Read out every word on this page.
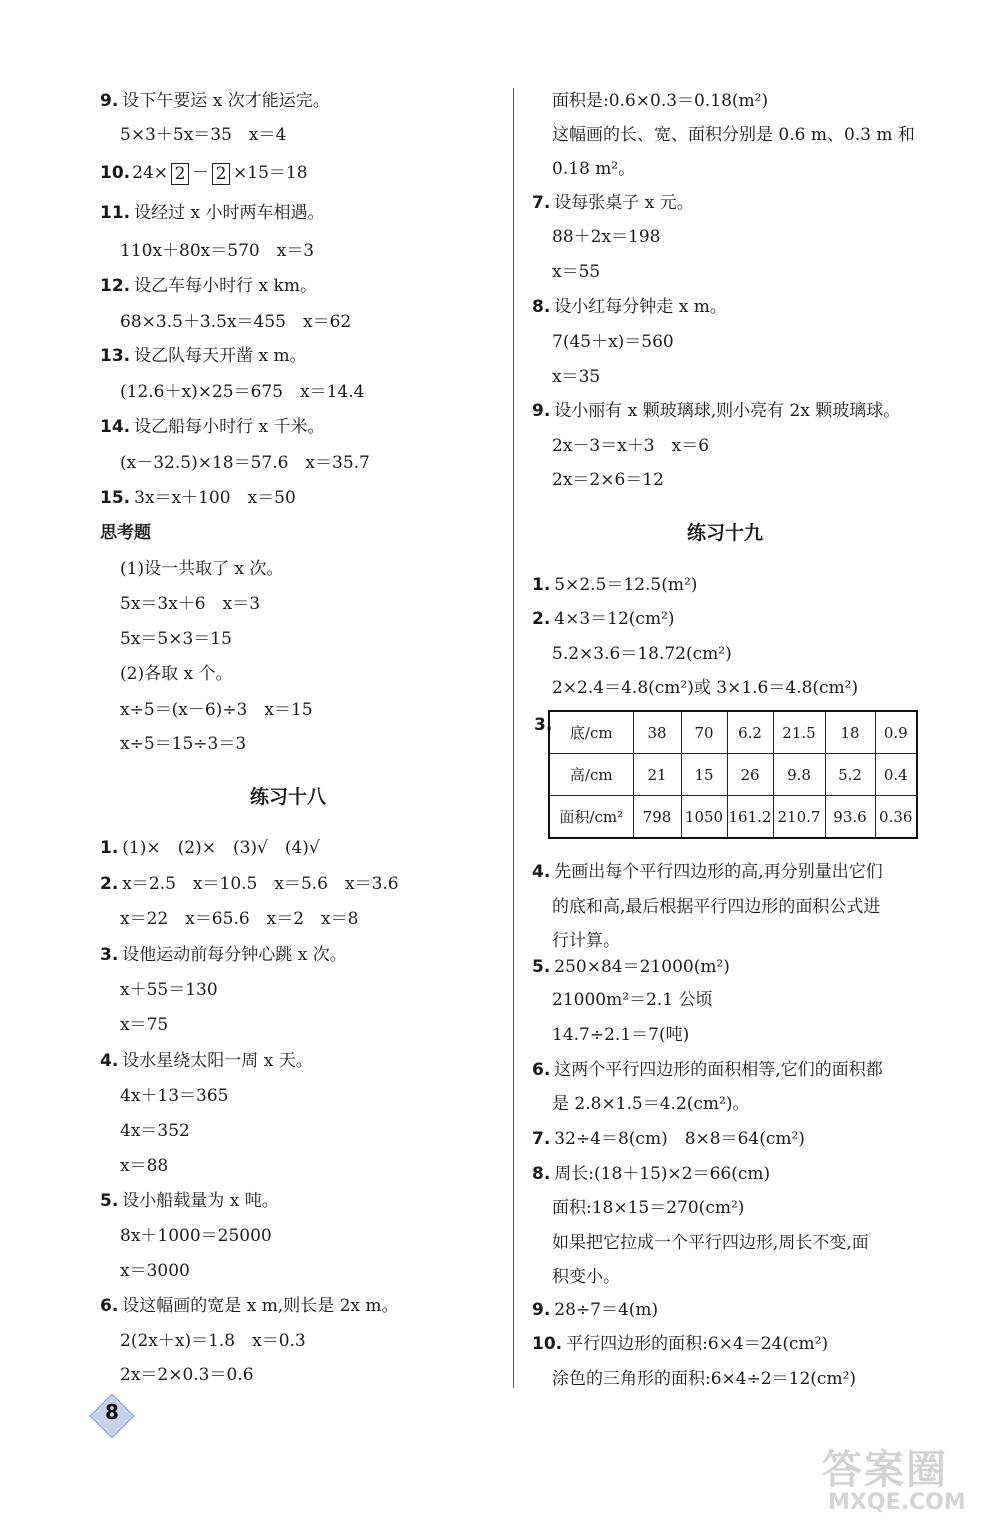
9. 设下午要运 x 次才能运完。
5×3＋5x＝35　x＝4
10. 24× 2 － 2 ×15＝18
11. 设经过 x 小时两车相遇。
110x＋80x＝570　x＝3
12. 设乙车每小时行 x km。
68×3.5＋3.5x＝455　x＝62
13. 设乙队每天开凿 x m。
(12.6＋x)×25＝675　x＝14.4
14. 设乙船每小时行 x 千米。
(x－32.5)×18＝57.6　x＝35.7
15. 3x＝x＋100　x＝50
思考题
(1)设一共取了 x 次。
5x＝3x＋6　x＝3
5x＝5×3＝15
(2)各取 x 个。
x÷5＝(x－6)÷3　x＝15
x÷5＝15÷3＝3
练习十八
1. (1)×　(2)×　(3)√　(4)√
2. x＝2.5　x＝10.5　x＝5.6　x＝3.6
x＝22　x＝65.6　x＝2　x＝8
3. 设他运动前每分钟心跳 x 次。
x＋55＝130
x＝75
4. 设水星绕太阳一周 x 天。
4x＋13＝365
4x＝352
x＝88
5. 设小船载量为 x 吨。
8x＋1000＝25000
x＝3000
6. 设这幅画的宽是 x m,则长是 2x m。
2(2x＋x)＝1.8　x＝0.3
2x＝2×0.3＝0.6
面积是:0.6×0.3＝0.18(m²)
这幅画的长、宽、面积分别是 0.6 m、0.3 m 和
0.18 m²。
7. 设每张桌子 x 元。
88＋2x＝198
x＝55
8. 设小红每分钟走 x m。
7(45＋x)＝560
x＝35
9. 设小丽有 x 颗玻璃球,则小亮有 2x 颗玻璃球。
2x－3＝x＋3　x＝6
2x＝2×6＝12
练习十九
1. 5×2.5＝12.5(m²)
2. 4×3＝12(cm²)
5.2×3.6＝18.72(cm²)
2×2.4＝4.8(cm²)或 3×1.6＝4.8(cm²)
4. 先画出每个平行四边形的高,再分别量出它们
的底和高,最后根据平行四边形的面积公式进
行计算。
5. 250×84＝21000(m²)
21000m²＝2.1 公顷
14.7÷2.1＝7(吨)
6. 这两个平行四边形的面积相等,它们的面积都
是 2.8×1.5＝4.2(cm²)。
7. 32÷4＝8(cm)　8×8＝64(cm²)
8. 周长:(18＋15)×2＝66(cm)
面积:18×15＝270(cm²)
如果把它拉成一个平行四边形,周长不变,面
积变小。
9. 28÷7＝4(m)
10. 平行四边形的面积:6×4＝24(cm²)
涂色的三角形的面积:6×4÷2＝12(cm²)
3. 底/cm	38	70	6.2	21.5	18	0.9
高/cm	21	15	26	9.8	5.2	0.4
面积/cm²	798	1050	161.2	210.7	93.6	0.36
8
答案圈
MXQE.COM
